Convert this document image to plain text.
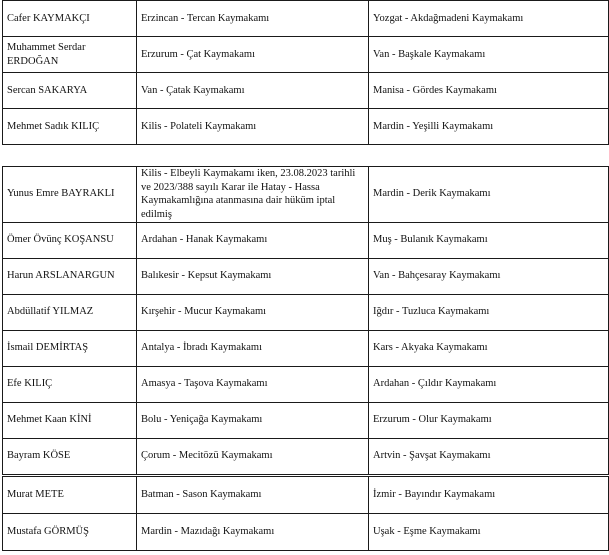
Cafer KAYMAKÇI	Erzincan - Tercan Kaymakamı	Yozgat - Akdağmadeni Kaymakamı
Muhammet Serdar ERDOĞAN	Erzurum - Çat Kaymakamı	Van - Başkale Kaymakamı
Sercan SAKARYA	Van - Çatak Kaymakamı	Manisa - Gördes Kaymakamı
Mehmet Sadık KILIÇ	Kilis - Polateli Kaymakamı	Mardin - Yeşilli Kaymakamı
Yunus Emre BAYRAKLI	Kilis - Elbeyli Kaymakamı iken, 23.08.2023 tarihli ve 2023/388 sayılı Karar ile Hatay - Hassa Kaymakamlığına atanmasına dair hüküm iptal edilmiş	Mardin - Derik Kaymakamı
Ömer Övünç KOŞANSU	Ardahan - Hanak Kaymakamı	Muş - Bulanık Kaymakamı
Harun ARSLANARGUN	Balıkesir - Kepsut Kaymakamı	Van - Bahçesaray Kaymakamı
Abdüllatif YILMAZ	Kırşehir - Mucur Kaymakamı	Iğdır - Tuzluca Kaymakamı
İsmail DEMİRTAŞ	Antalya - İbradı Kaymakamı	Kars - Akyaka Kaymakamı
Efe KILIÇ	Amasya - Taşova Kaymakamı	Ardahan - Çıldır Kaymakamı
Mehmet Kaan KİNİ	Bolu - Yeniçağa Kaymakamı	Erzurum - Olur Kaymakamı
Bayram KÖSE	Çorum - Mecitözü Kaymakamı	Artvin - Şavşat Kaymakamı
Murat METE	Batman - Sason Kaymakamı	İzmir - Bayındır Kaymakamı
Mustafa GÖRMÜŞ	Mardin - Mazıdağı Kaymakamı	Uşak - Eşme Kaymakamı
